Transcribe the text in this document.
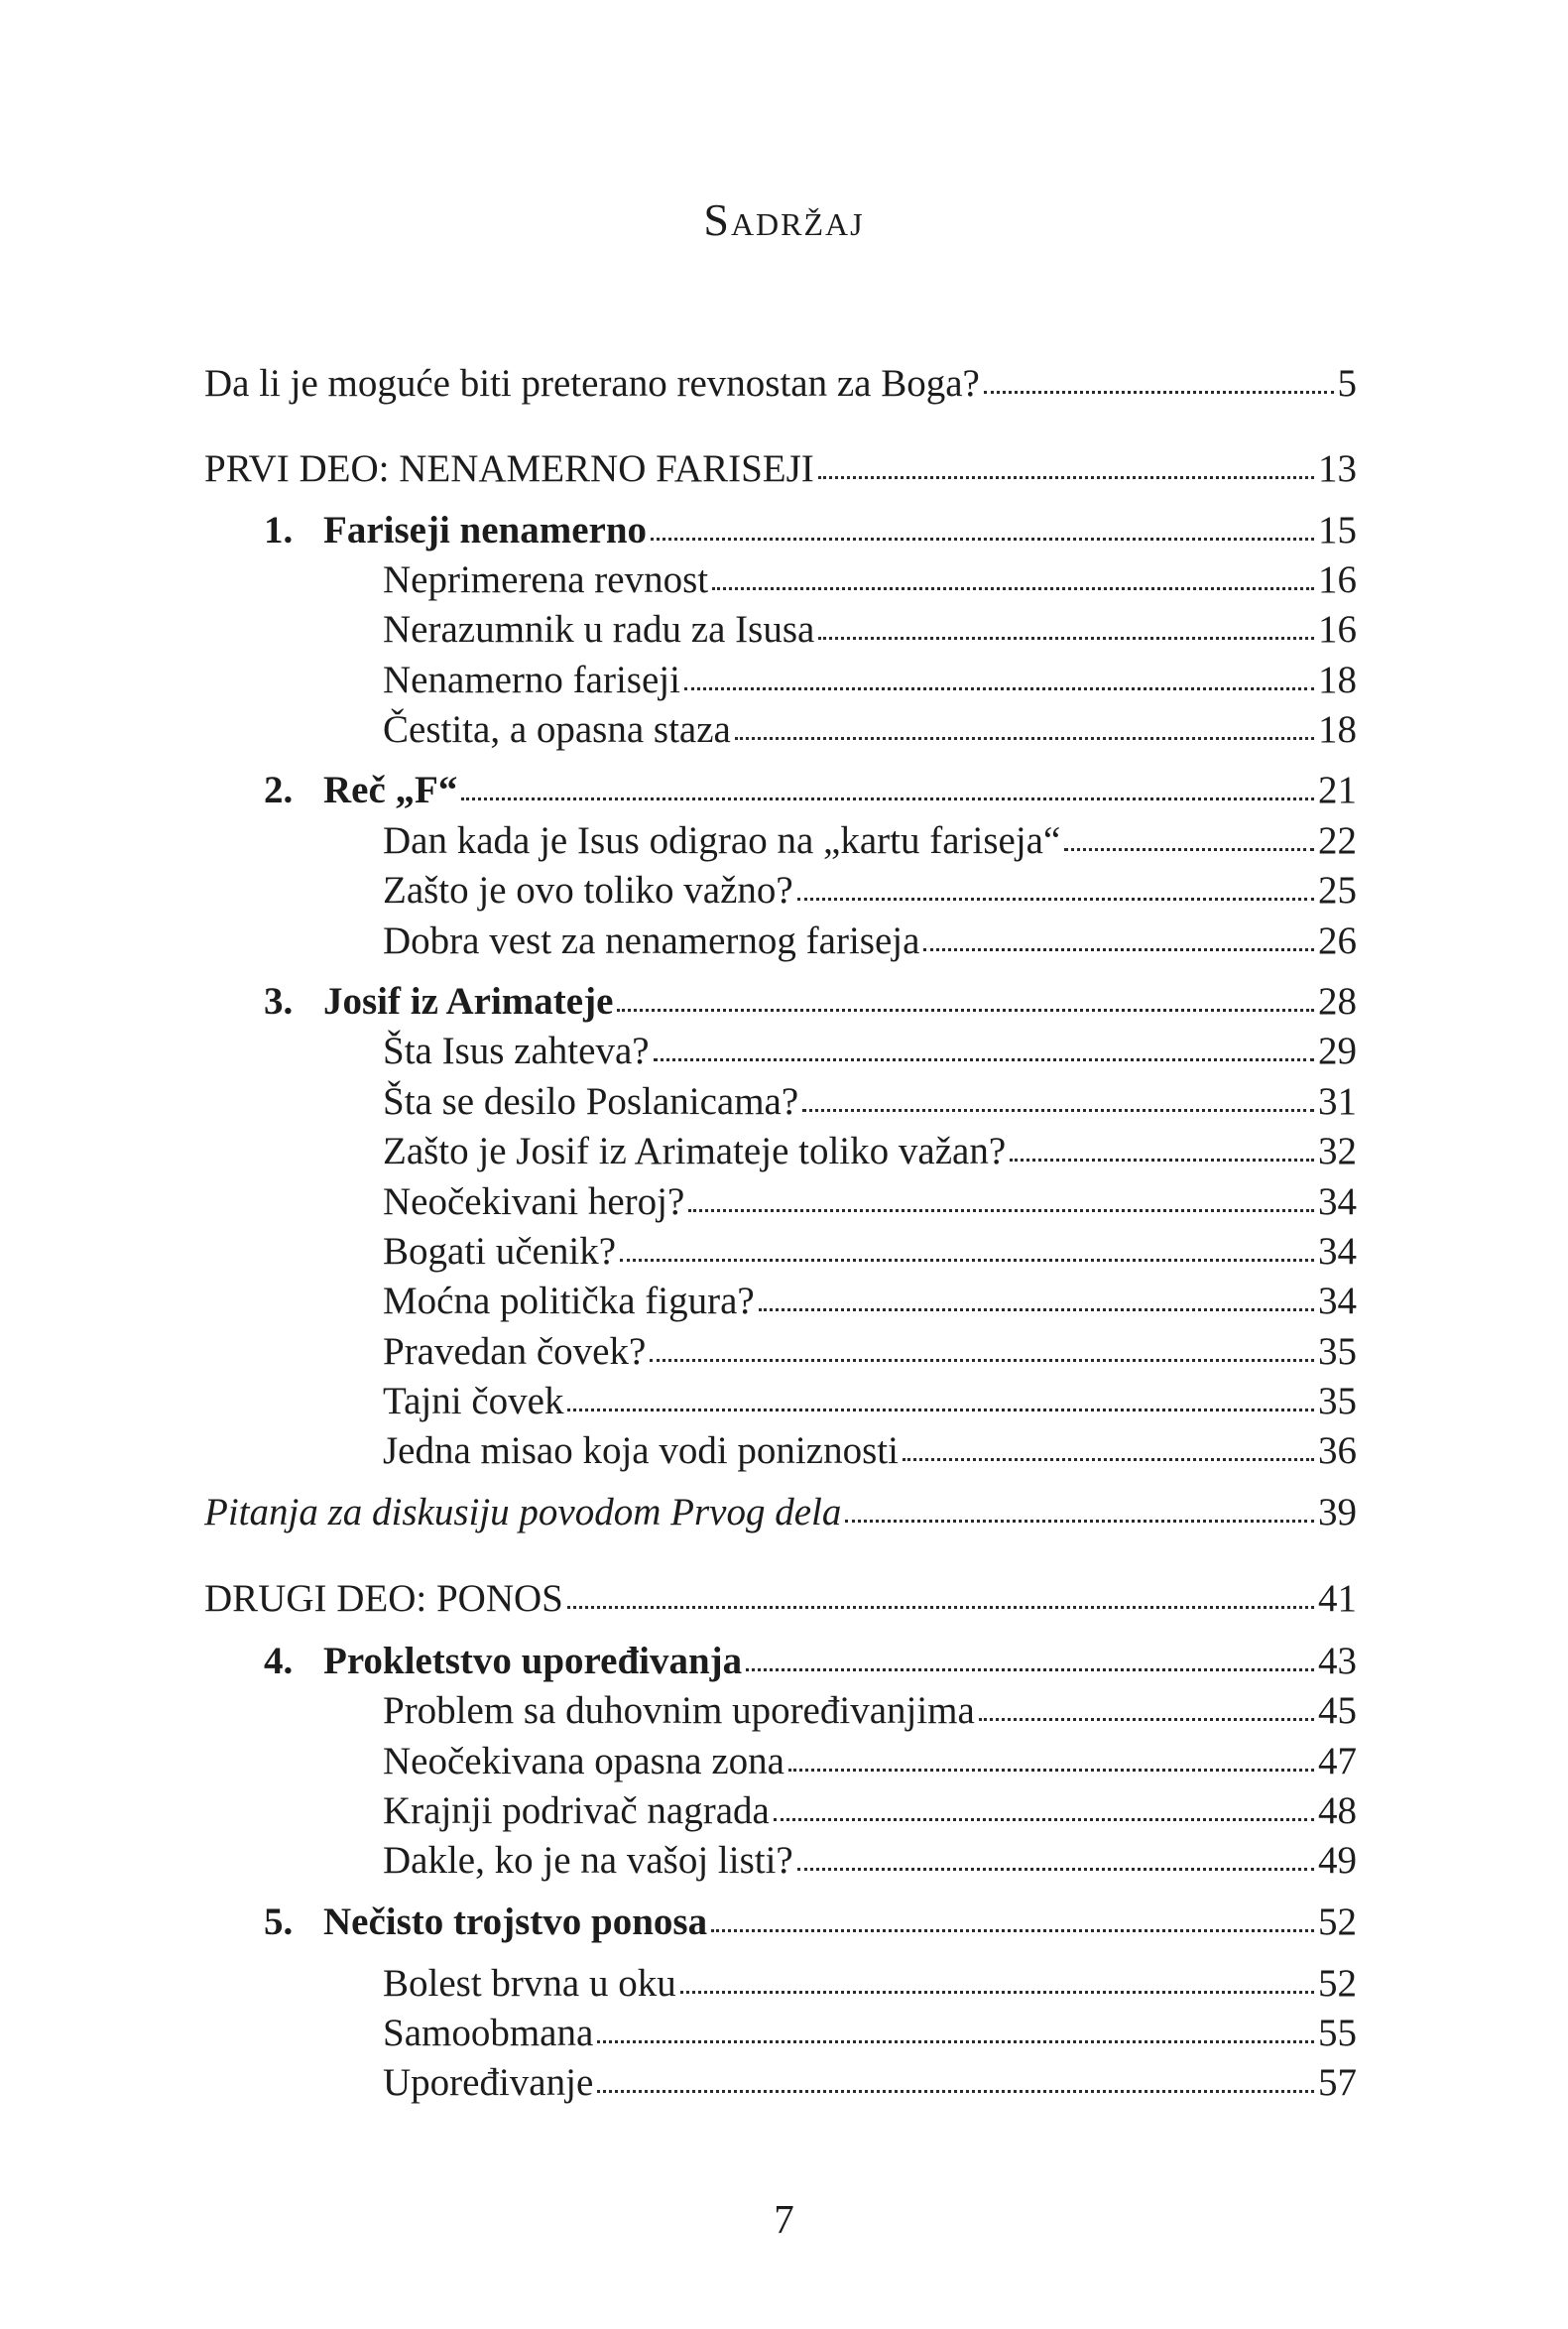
Sadržaj
Da li je moguće biti preterano revnostan za Boga?	5
PRVI DEO: NENAMERNO FARISEJI	13
1. Fariseji nenamerno	15
Neprimerena revnost	16
Nerazumnik u radu za Isusa	16
Nenamerno fariseji	18
Čestita, a opasna staza	18
2. Reč „F“	21
Dan kada je Isus odigrao na „kartu fariseja“	22
Zašto je ovo toliko važno?	25
Dobra vest za nenamernog fariseja	26
3. Josif iz Arimateje	28
Šta Isus zahteva?	29
Šta se desilo Poslanicama?	31
Zašto je Josif iz Arimateje toliko važan?	32
Neočekivani heroj?	34
Bogati učenik?	34
Moćna politička figura?	34
Pravedan čovek?	35
Tajni čovek	35
Jedna misao koja vodi poniznosti	36
Pitanja za diskusiju povodom Prvog dela	39
DRUGI DEO: PONOS	41
4. Prokletstvo upoređivanja	43
Problem sa duhovnim upoređivanjima	45
Neočekivana opasna zona	47
Krajnji podrivač nagrada	48
Dakle, ko je na vašoj listi?	49
5. Nečisto trojstvo ponosa	52
Bolest brvna u oku	52
Samoobmana	55
Upoređivanje	57
7
